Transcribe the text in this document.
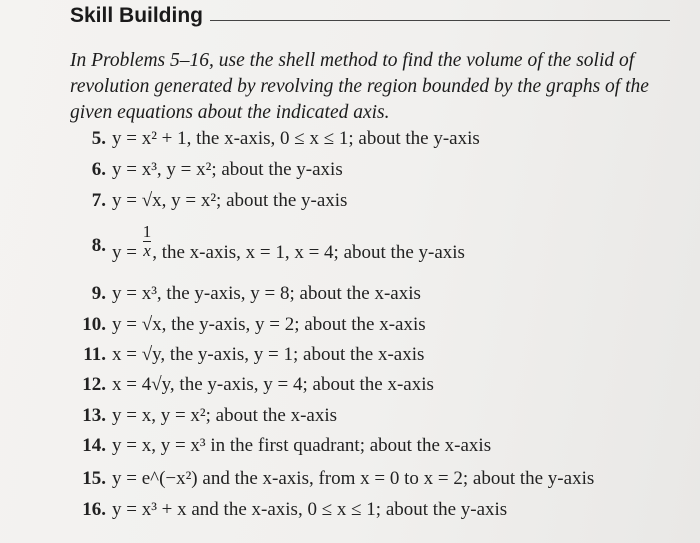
Skill Building
In Problems 5–16, use the shell method to find the volume of the solid of revolution generated by revolving the region bounded by the graphs of the given equations about the indicated axis.
5. y = x² + 1, the x-axis, 0 ≤ x ≤ 1; about the y-axis
6. y = x³, y = x²; about the y-axis
7. y = √x, y = x²; about the y-axis
8. $y = \frac{1}{x}$ , the x-axis, x = 1, x = 4; about the y-axis
9. y = x³, the y-axis, y = 8; about the x-axis
10. y = √x, the y-axis, y = 2; about the x-axis
11. x = √y, the y-axis, y = 1; about the x-axis
12. x = 4√y, the y-axis, y = 4; about the x-axis
13. y = x, y = x²; about the x-axis
14. y = x, y = x³ in the first quadrant; about the x-axis
15. y = e^(−x²) and the x-axis, from x = 0 to x = 2; about the y-axis
16. y = x³ + x and the x-axis, 0 ≤ x ≤ 1; about the y-axis
